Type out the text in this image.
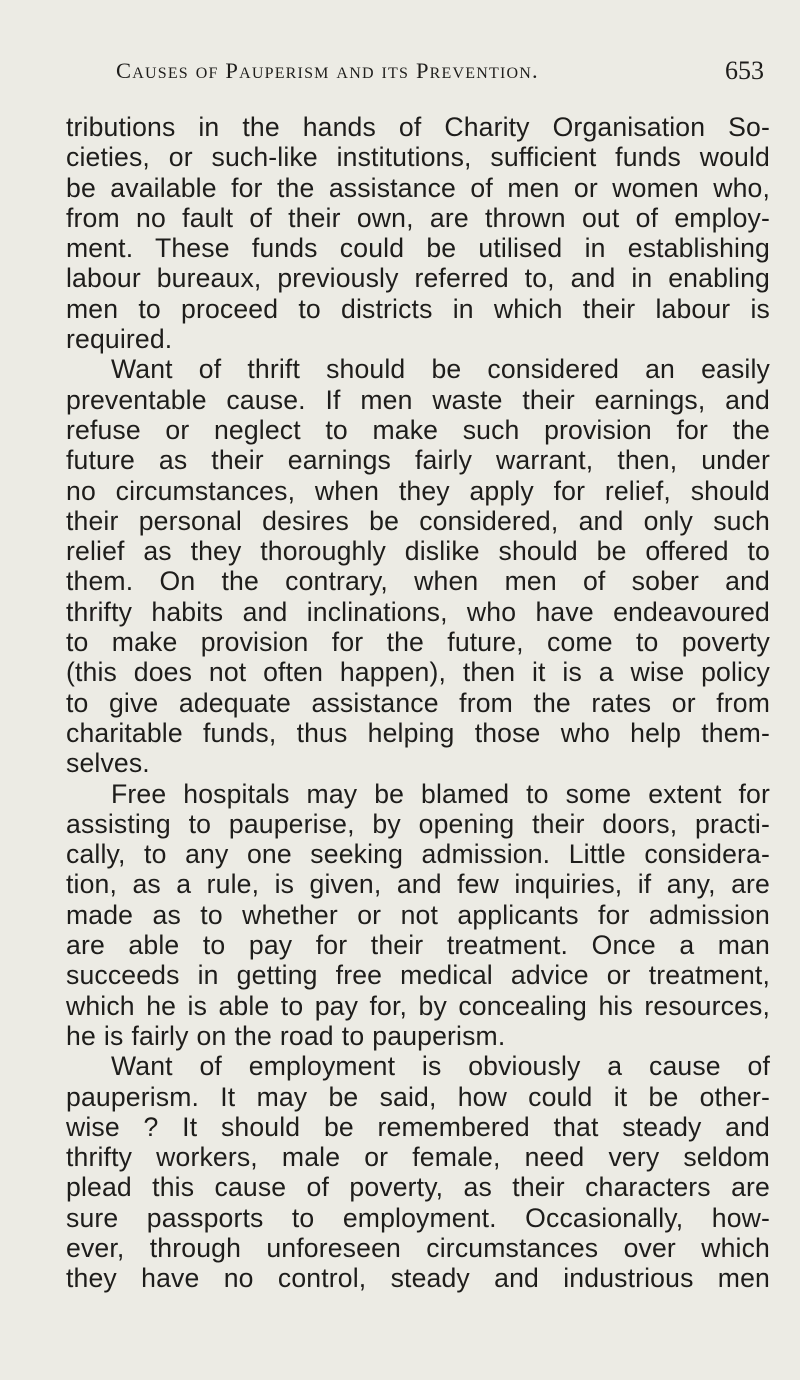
Causes of Pauperism and its Prevention.	653
tributions in the hands of Charity Organisation So-
cieties, or such-like institutions, sufficient funds would
be available for the assistance of men or women who,
from no fault of their own, are thrown out of employ-
ment. These funds could be utilised in establishing
labour bureaux, previously referred to, and in enabling
men to proceed to districts in which their labour is
required.
Want of thrift should be considered an easily
preventable cause. If men waste their earnings, and
refuse or neglect to make such provision for the
future as their earnings fairly warrant, then, under
no circumstances, when they apply for relief, should
their personal desires be considered, and only such
relief as they thoroughly dislike should be offered to
them. On the contrary, when men of sober and
thrifty habits and inclinations, who have endeavoured
to make provision for the future, come to poverty
(this does not often happen), then it is a wise policy
to give adequate assistance from the rates or from
charitable funds, thus helping those who help them-
selves.
Free hospitals may be blamed to some extent for
assisting to pauperise, by opening their doors, practi-
cally, to any one seeking admission. Little considera-
tion, as a rule, is given, and few inquiries, if any, are
made as to whether or not applicants for admission
are able to pay for their treatment. Once a man
succeeds in getting free medical advice or treatment,
which he is able to pay for, by concealing his resources,
he is fairly on the road to pauperism.
Want of employment is obviously a cause of
pauperism. It may be said, how could it be other-
wise ? It should be remembered that steady and
thrifty workers, male or female, need very seldom
plead this cause of poverty, as their characters are
sure passports to employment. Occasionally, how-
ever, through unforeseen circumstances over which
they have no control, steady and industrious men
